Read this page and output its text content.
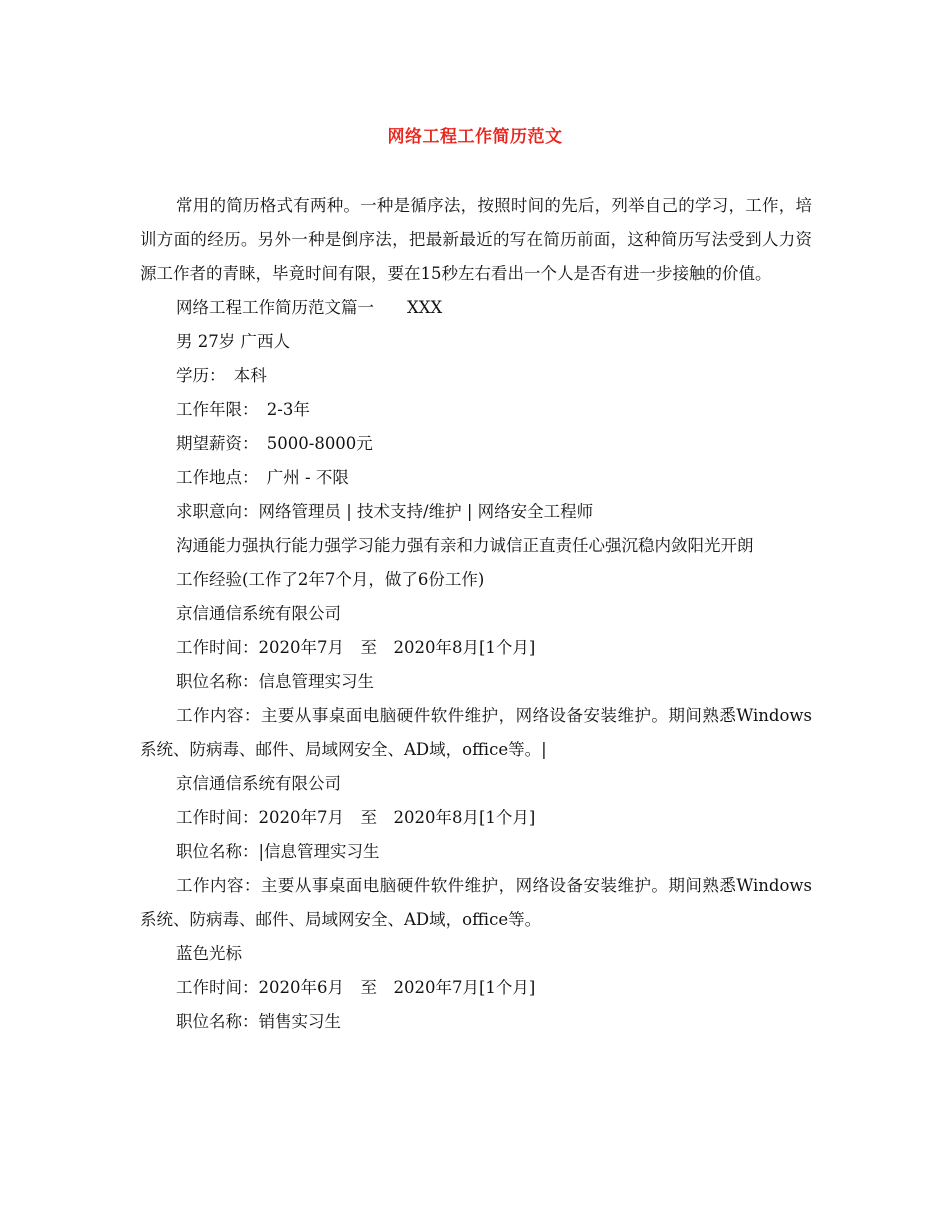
网络工程工作简历范文

常用的简历格式有两种。一种是循序法，按照时间的先后，列举自己的学习，工作，培训方面的经历。另外一种是倒序法，把最新最近的写在简历前面，这种简历写法受到人力资源工作者的青睐，毕竟时间有限，要在15秒左右看出一个人是否有进一步接触的价值。

网络工程工作简历范文篇一　　XXX

男 27岁 广西人

学历：　本科

工作年限：　2-3年

期望薪资：　5000-8000元

工作地点：　广州 - 不限

求职意向：网络管理员 | 技术支持/维护 | 网络安全工程师

沟通能力强执行能力强学习能力强有亲和力诚信正直责任心强沉稳内敛阳光开朗

工作经验(工作了2年7个月，做了6份工作)

京信通信系统有限公司

工作时间：2020年7月　至　2020年8月[1个月]

职位名称：信息管理实习生

工作内容：主要从事桌面电脑硬件软件维护，网络设备安装维护。期间熟悉Windows系统、防病毒、邮件、局域网安全、AD域，office等。|

京信通信系统有限公司

工作时间：2020年7月　至　2020年8月[1个月]

职位名称：|信息管理实习生

工作内容：主要从事桌面电脑硬件软件维护，网络设备安装维护。期间熟悉Windows系统、防病毒、邮件、局域网安全、AD域，office等。

蓝色光标

工作时间：2020年6月　至　2020年7月[1个月]

职位名称：销售实习生
